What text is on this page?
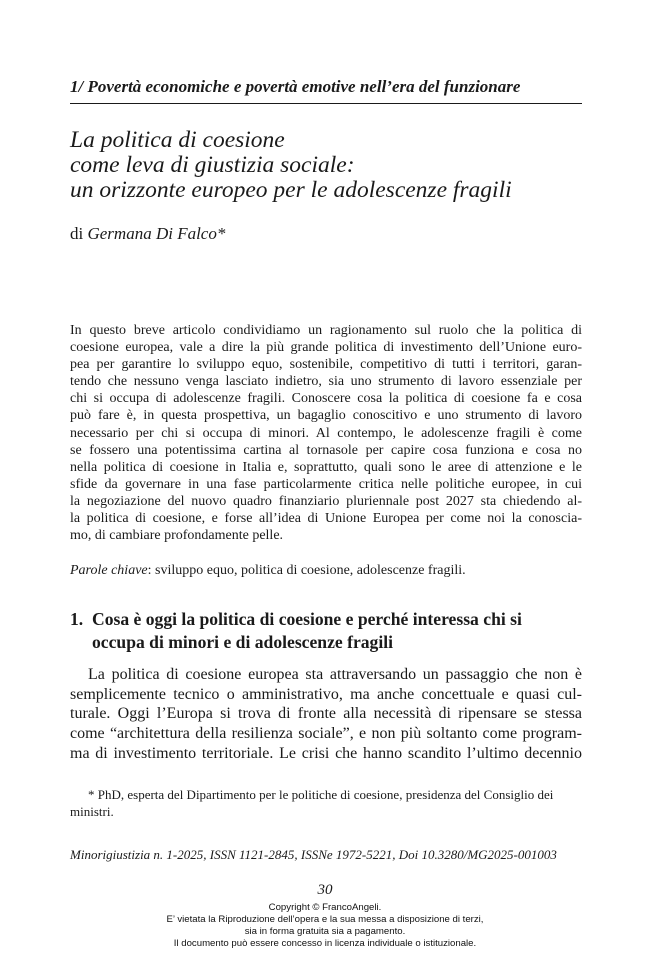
1/ Povertà economiche e povertà emotive nell’era del funzionare
La politica di coesione
come leva di giustizia sociale:
un orizzonte europeo per le adolescenze fragili
di Germana Di Falco*
In questo breve articolo condividiamo un ragionamento sul ruolo che la politica di
coesione europea, vale a dire la più grande politica di investimento dell’Unione euro-
pea per garantire lo sviluppo equo, sostenibile, competitivo di tutti i territori, garan-
tendo che nessuno venga lasciato indietro, sia uno strumento di lavoro essenziale per
chi si occupa di adolescenze fragili. Conoscere cosa la politica di coesione fa e cosa
può fare è, in questa prospettiva, un bagaglio conoscitivo e uno strumento di lavoro
necessario per chi si occupa di minori. Al contempo, le adolescenze fragili è come
se fossero una potentissima cartina al tornasole per capire cosa funziona e cosa no
nella politica di coesione in Italia e, soprattutto, quali sono le aree di attenzione e le
sfide da governare in una fase particolarmente critica nelle politiche europee, in cui
la negoziazione del nuovo quadro finanziario pluriennale post 2027 sta chiedendo al-
la politica di coesione, e forse all’idea di Unione Europea per come noi la conoscia-
mo, di cambiare profondamente pelle.
Parole chiave: sviluppo equo, politica di coesione, adolescenze fragili.
1. Cosa è oggi la politica di coesione e perché interessa chi si
occupa di minori e di adolescenze fragili
La politica di coesione europea sta attraversando un passaggio che non è
semplicemente tecnico o amministrativo, ma anche concettuale e quasi cul-
turale. Oggi l’Europa si trova di fronte alla necessità di ripensare se stessa
come “architettura della resilienza sociale”, e non più soltanto come program-
ma di investimento territoriale. Le crisi che hanno scandito l’ultimo decennio
* PhD, esperta del Dipartimento per le politiche di coesione, presidenza del Consiglio dei
ministri.
Minorigiustizia n. 1-2025, ISSN 1121-2845, ISSNe 1972-5221, Doi 10.3280/MG2025-001003
30
Copyright © FrancoAngeli.
E’ vietata la Riproduzione dell’opera e la sua messa a disposizione di terzi,
sia in forma gratuita sia a pagamento.
Il documento può essere concesso in licenza individuale o istituzionale.
